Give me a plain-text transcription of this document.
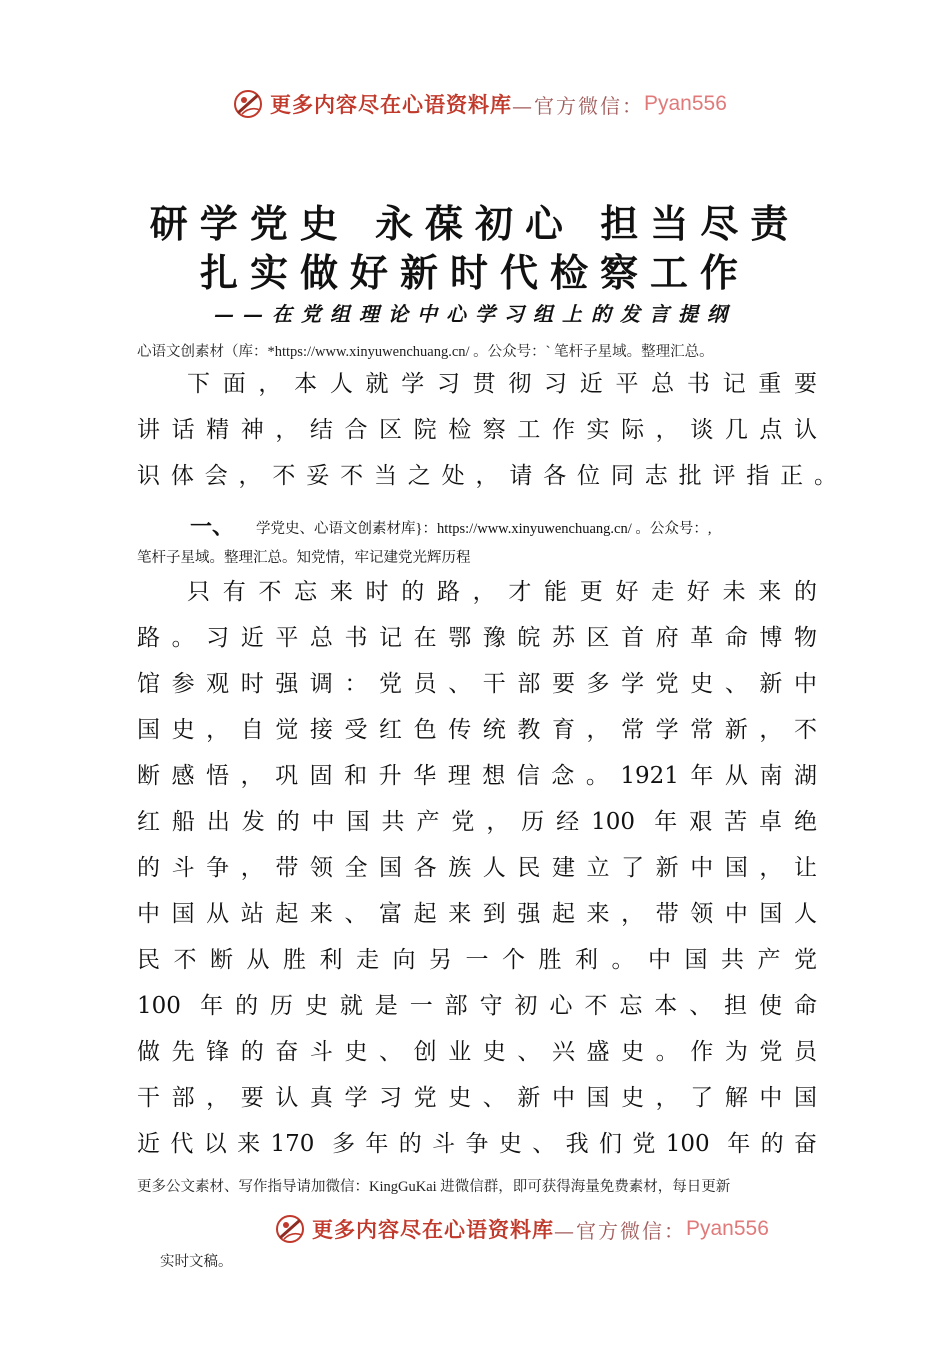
更多内容尽在心语资料库 —官方微信： Pyan556
研学党史 永葆初心 担当尽责
扎实做好新时代检察工作
——在党组理论中心学习组上的发言提纲
心语文创素材（库：*https://www.xinyuwenchuang.cn/ 。公众号：` 笔杆子星域。整理汇总。
下面，本人就学习贯彻习近平总书记重要
讲话精神，结合区院检察工作实际，谈几点认
识体会，不妥不当之处，请各位同志批评指正。
一、 学党史、心语文创素材库}：https://www.xinyuwenchuang.cn/ 。公众号：,
笔杆子星域。整理汇总。知党情，牢记建党光辉历程
只有不忘来时的路，才能更好走好未来的
路。习近平总书记在鄂豫皖苏区首府革命博物
馆参观时强调：党员、干部要多学党史、新中
国史，自觉接受红色传统教育，常学常新，不
断感悟，巩固和升华理想信念。1921年从南湖
红船出发的中国共产党，历经100 年艰苦卓绝
的斗争，带领全国各族人民建立了新中国，让
中国从站起来、富起来到强起来，带领中国人
民不断从胜利走向另一个胜利。中国共产党
100 年的历史就是一部守初心不忘本、担使命
做先锋的奋斗史、创业史、兴盛史。作为党员
干部，要认真学习党史、新中国史，了解中国
近代以来170 多年的斗争史、我们党100 年的奋
更多公文素材、写作指导请加微信：KingGuKai 进微信群，即可获得海量免费素材，每日更新
更多内容尽在心语资料库 —官方微信： Pyan556
实时文稿。
